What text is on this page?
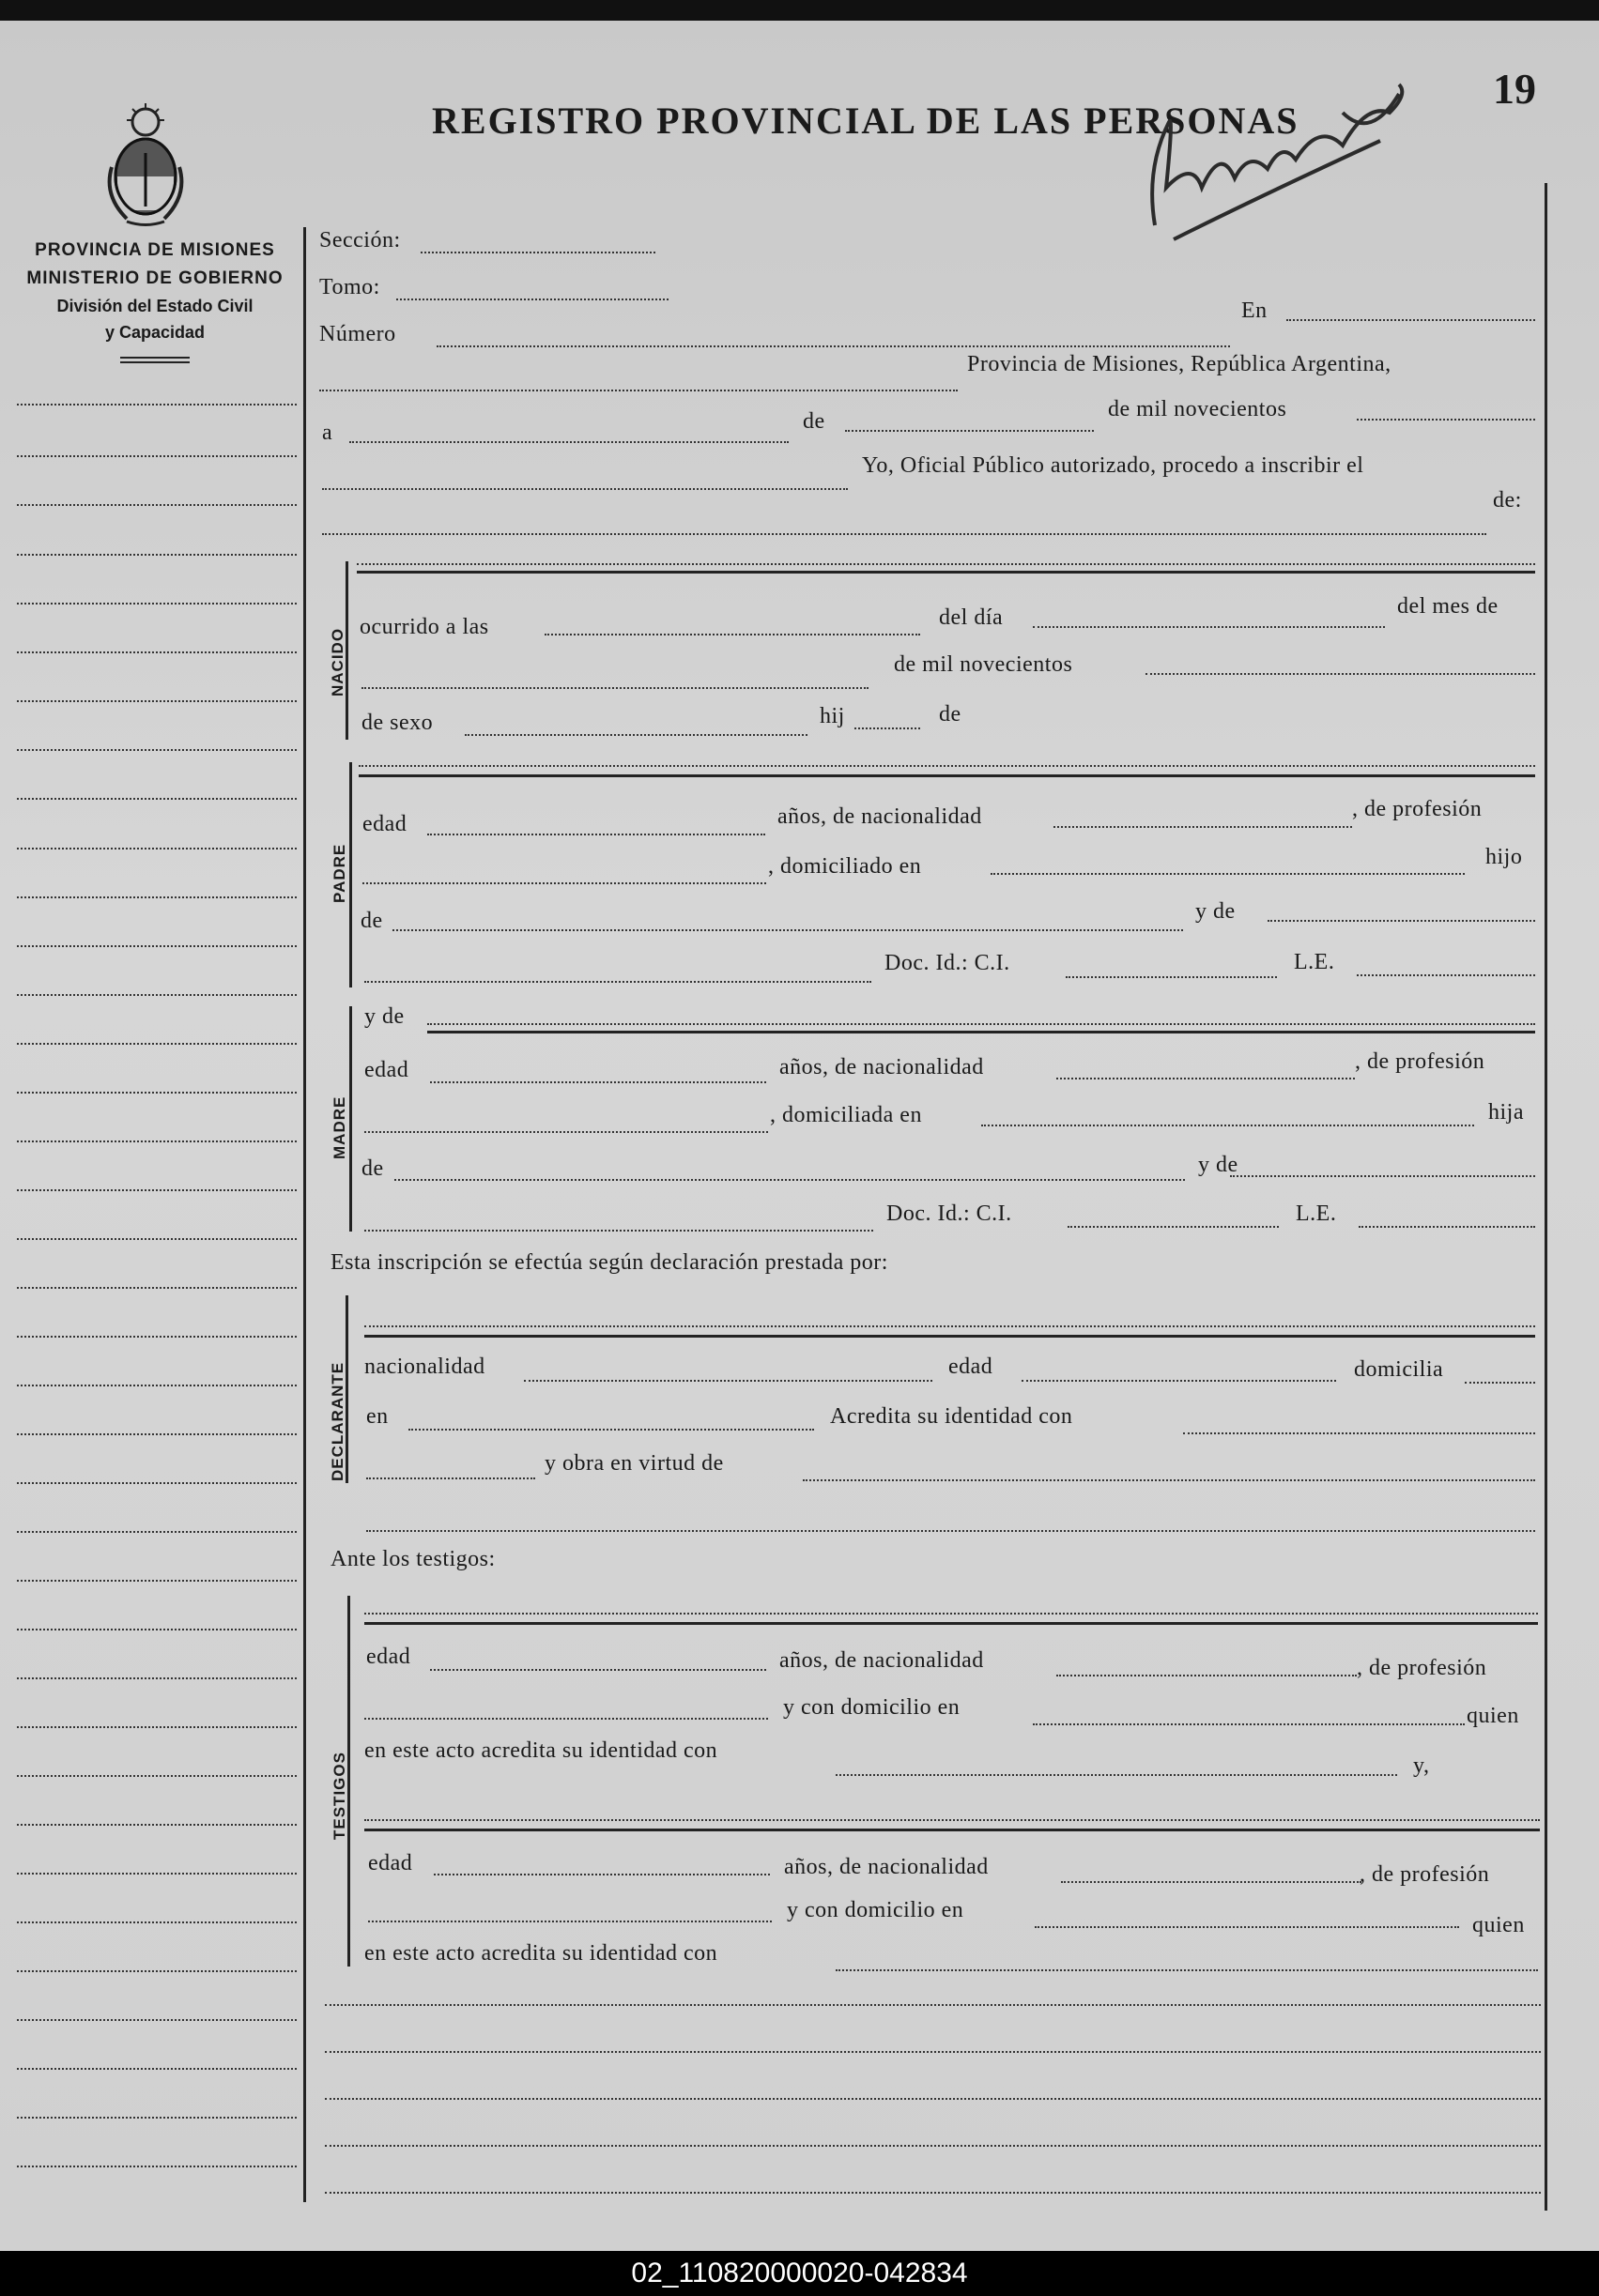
PROVINCIA DE MISIONES
MINISTERIO DE GOBIERNO
División del Estado Civil
y Capacidad
REGISTRO PROVINCIAL DE LAS PERSONAS
19
Sección:
Tomo:
Número
En
Provincia de Misiones, República Argentina,
a	de	de mil novecientos
Yo, Oficial Público autorizado, procedo a inscribir el
de:
NACIDO
ocurrido a las	del día	del mes de
de mil novecientos
de sexo	hij	de
PADRE
edad	años, de nacionalidad	, de profesión
, domiciliado en	hijo
de	y de
Doc. Id.: C.I.	L.E.
MADRE
y de
edad	años, de nacionalidad	, de profesión
, domiciliada en	hija
de	y de
Doc. Id.: C.I.	L.E.
Esta inscripción se efectúa según declaración prestada por:
DECLARANTE nacionalidad	edad	domicilia
en	Acredita su identidad con
y obra en virtud de
Ante los testigos:
TESTIGOS
edad	años, de nacionalidad	, de profesión
y con domicilio en	quien
en este acto acredita su identidad con
y,
edad	años, de nacionalidad	, de profesión
y con domicilio en
quien
en este acto acredita su identidad con
02_110820000020-042834
